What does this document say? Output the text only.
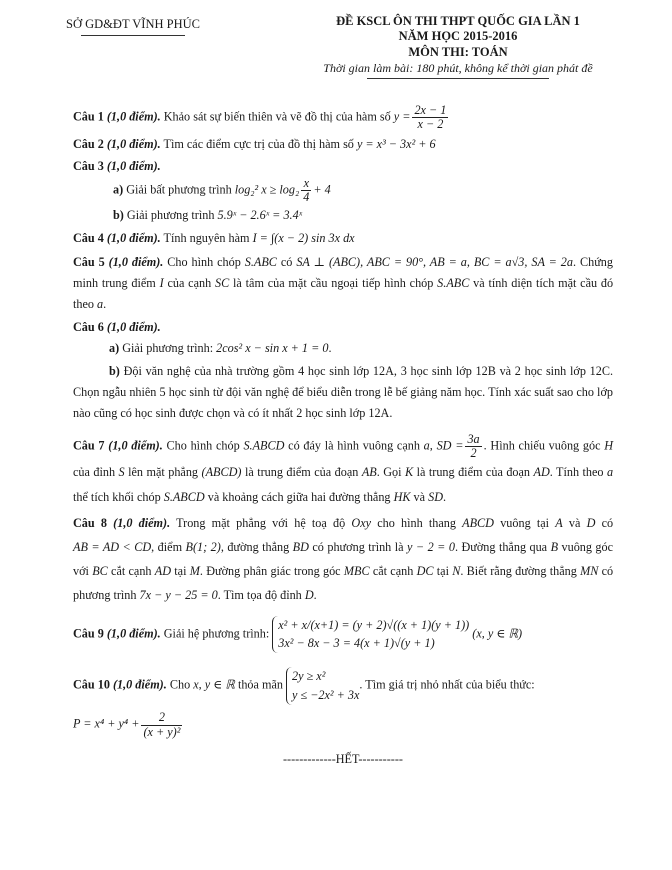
SỞ GD&ĐT VĨNH PHÚC	ĐỀ KSCL ÔN THI THPT QUỐC GIA LẦN 1
NĂM HỌC 2015-2016
MÔN THI: TOÁN
Thời gian làm bài: 180 phút, không kể thời gian phát đề

Câu 1 (1,0 điểm). Khảo sát sự biến thiên và vẽ đồ thị của hàm số $y = \frac{2x - 1}{x - 2}$

Câu 2 (1,0 điểm). Tìm các điểm cực trị của đồ thị hàm số y = x³ − 3x² + 6

Câu 3 (1,0 điểm).

a) Giải bất phương trình log₂² $x \ge \log_2 \frac{x}{4} + 4$

b) Giải phương trình 5.9ˣ − 2.6ˣ = 3.4ˣ

Câu 4 (1,0 điểm). Tính nguyên hàm I = ∫(x − 2) sin 3x dx

Câu 5 (1,0 điểm). Cho hình chóp S.ABC có SA ⊥ (ABC), ABC = 90°, AB = a, BC = a√3, SA = 2a. Chứng minh trung điểm I của cạnh SC là tâm của mặt cầu ngoại tiếp hình chóp S.ABC và tính diện tích mặt cầu đó theo a.

Câu 6 (1,0 điểm).

a) Giải phương trình: 2cos² x − sin x + 1 = 0.

b) Đội văn nghệ của nhà trường gồm 4 học sinh lớp 12A, 3 học sinh lớp 12B và 2 học sinh lớp 12C. Chọn ngẫu nhiên 5 học sinh từ đội văn nghệ để biểu diễn trong lễ bế giảng năm học. Tính xác suất sao cho lớp nào cũng có học sinh được chọn và có ít nhất 2 học sinh lớp 12A.

Câu 7 (1,0 điểm). Cho hình chóp S.ABCD có đáy là hình vuông cạnh a, SD = $\frac{3a}{2}$ . Hình chiếu vuông góc H của đỉnh S lên mặt phẳng (ABCD) là trung điểm của đoạn AB. Gọi K là trung điểm của đoạn AD. Tính theo a thể tích khối chóp S.ABCD và khoảng cách giữa hai đường thẳng HK và SD.

Câu 8 (1,0 điểm). Trong mặt phẳng với hệ toạ độ Oxy cho hình thang ABCD vuông tại A và D có AB = AD < CD, điểm B(1; 2), đường thẳng BD có phương trình là y − 2 = 0. Đường thẳng qua B vuông góc với BC cắt cạnh AD tại M. Đường phân giác trong góc MBC cắt cạnh DC tại N. Biết rằng đường thẳng MN có phương trình 7x − y − 25 = 0. Tìm tọa độ đỉnh D.

Câu 9 (1,0 điểm). Giải hệ phương trình: x² + x/(x+1) = (y + 2)√((x + 1)(y + 1))
3x² − 8x − 3 = 4(x + 1)√(y + 1) (x, y ∈ ℝ)

Câu 10 (1,0 điểm). Cho x, y ∈ ℝ thỏa mãn 2y ≥ x²
y ≤ −2x² + 3x. Tìm giá trị nhỏ nhất của biểu thức:

$P = x^4 + y^4 + \frac{2}{\text{(x + y)²}}$

-------------HẾT-----------
